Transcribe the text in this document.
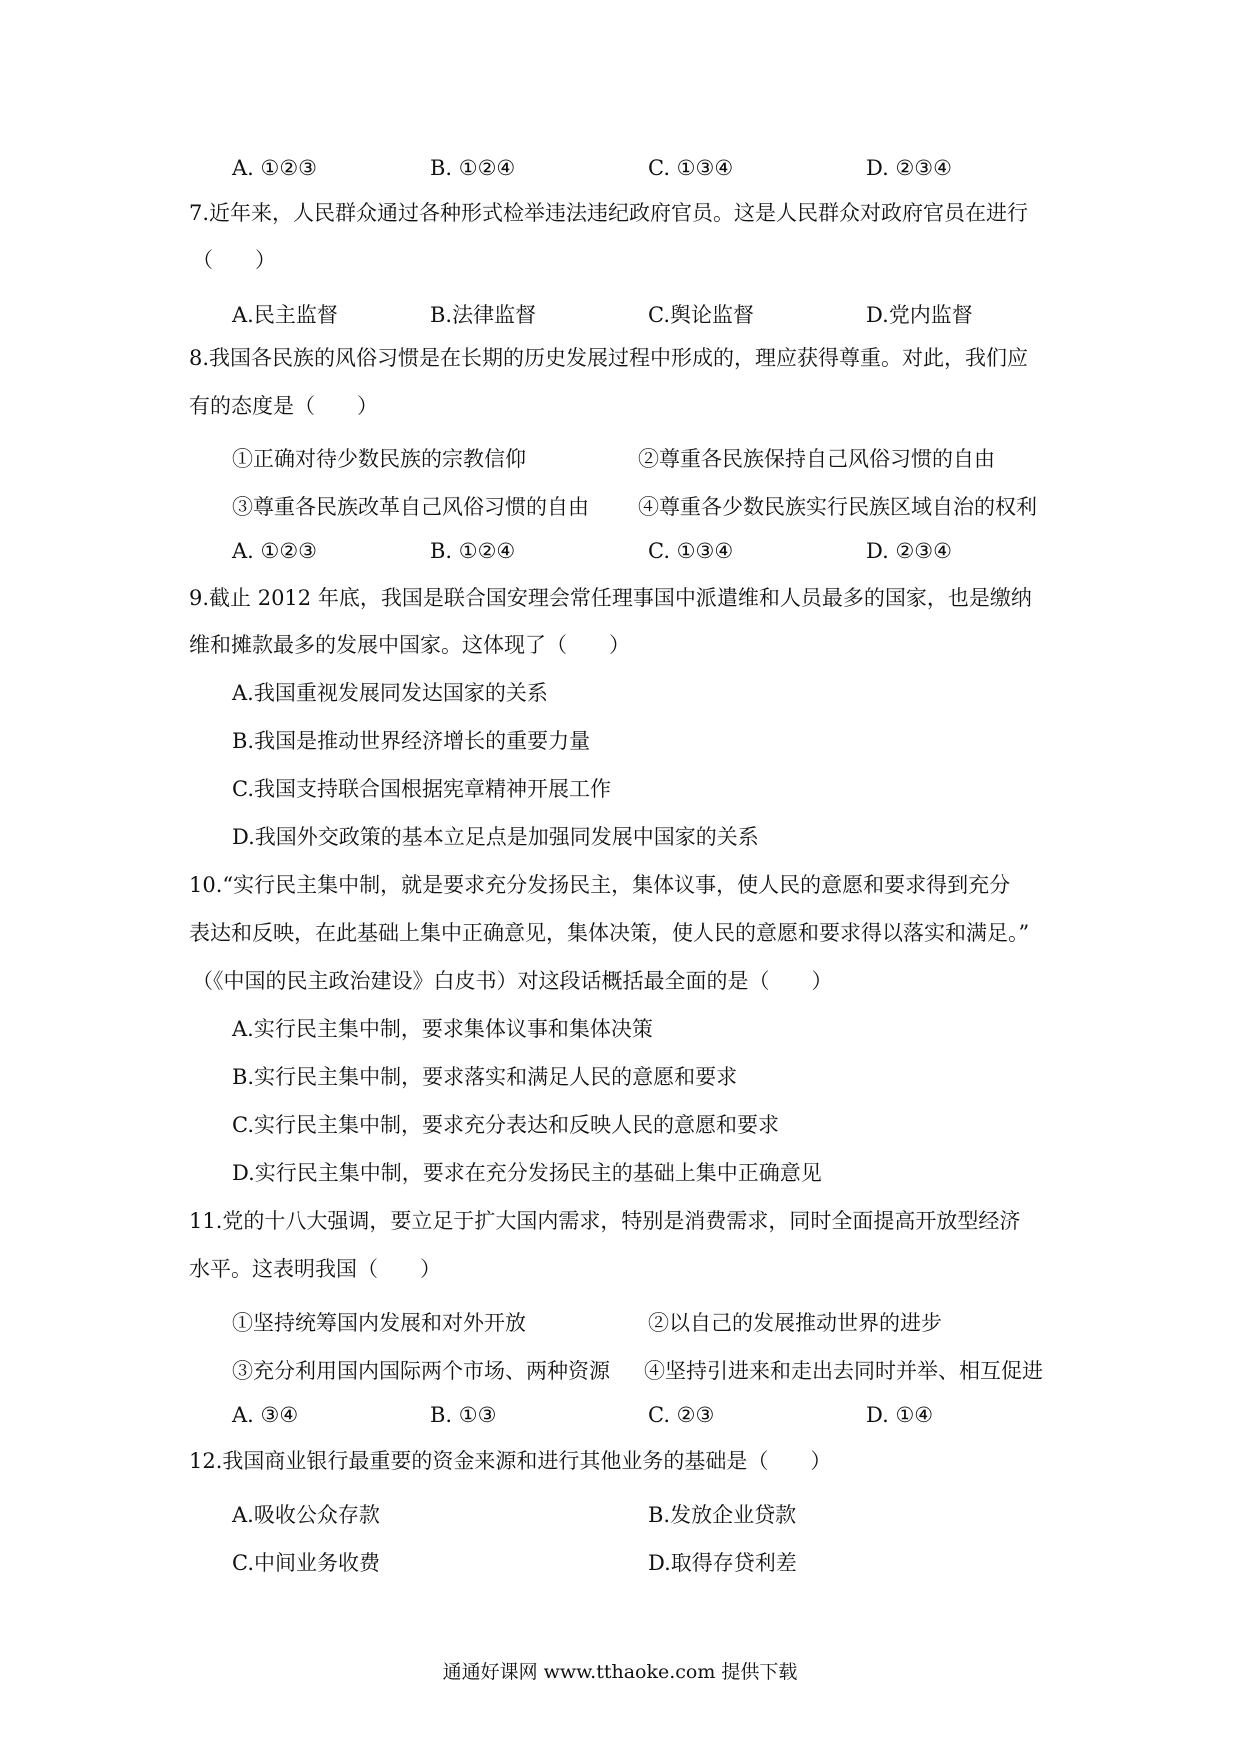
A. ①②③	B. ①②④	C. ①③④	D. ②③④
7.近年来，人民群众通过各种形式检举违法违纪政府官员。这是人民群众对政府官员在进行
（　　）
A.民主监督	B.法律监督	C.舆论监督	D.党内监督
8.我国各民族的风俗习惯是在长期的历史发展过程中形成的，理应获得尊重。对此，我们应
有的态度是（　　）
①正确对待少数民族的宗教信仰	②尊重各民族保持自己风俗习惯的自由
③尊重各民族改革自己风俗习惯的自由 ④尊重各少数民族实行民族区域自治的权利
A. ①②③	B. ①②④	C. ①③④	D. ②③④
9.截止 2012 年底，我国是联合国安理会常任理事国中派遣维和人员最多的国家，也是缴纳
维和摊款最多的发展中国家。这体现了（　　）
A.我国重视发展同发达国家的关系
B.我国是推动世界经济增长的重要力量
C.我国支持联合国根据宪章精神开展工作
D.我国外交政策的基本立足点是加强同发展中国家的关系
10.“实行民主集中制，就是要求充分发扬民主，集体议事，使人民的意愿和要求得到充分
表达和反映，在此基础上集中正确意见，集体决策，使人民的意愿和要求得以落实和满足。”
（《中国的民主政治建设》白皮书）对这段话概括最全面的是（　　）
A.实行民主集中制，要求集体议事和集体决策
B.实行民主集中制，要求落实和满足人民的意愿和要求
C.实行民主集中制，要求充分表达和反映人民的意愿和要求
D.实行民主集中制，要求在充分发扬民主的基础上集中正确意见
11.党的十八大强调，要立足于扩大国内需求，特别是消费需求，同时全面提高开放型经济
水平。这表明我国（　　）
①坚持统筹国内发展和对外开放	②以自己的发展推动世界的进步
③充分利用国内国际两个市场、两种资源 ④坚持引进来和走出去同时并举、相互促进
A. ③④	B. ①③	C. ②③	D. ①④
12.我国商业银行最重要的资金来源和进行其他业务的基础是（　　）
A.吸收公众存款	B.发放企业贷款
C.中间业务收费	D.取得存贷利差
通通好课网 www.tthaoke.com 提供下载
